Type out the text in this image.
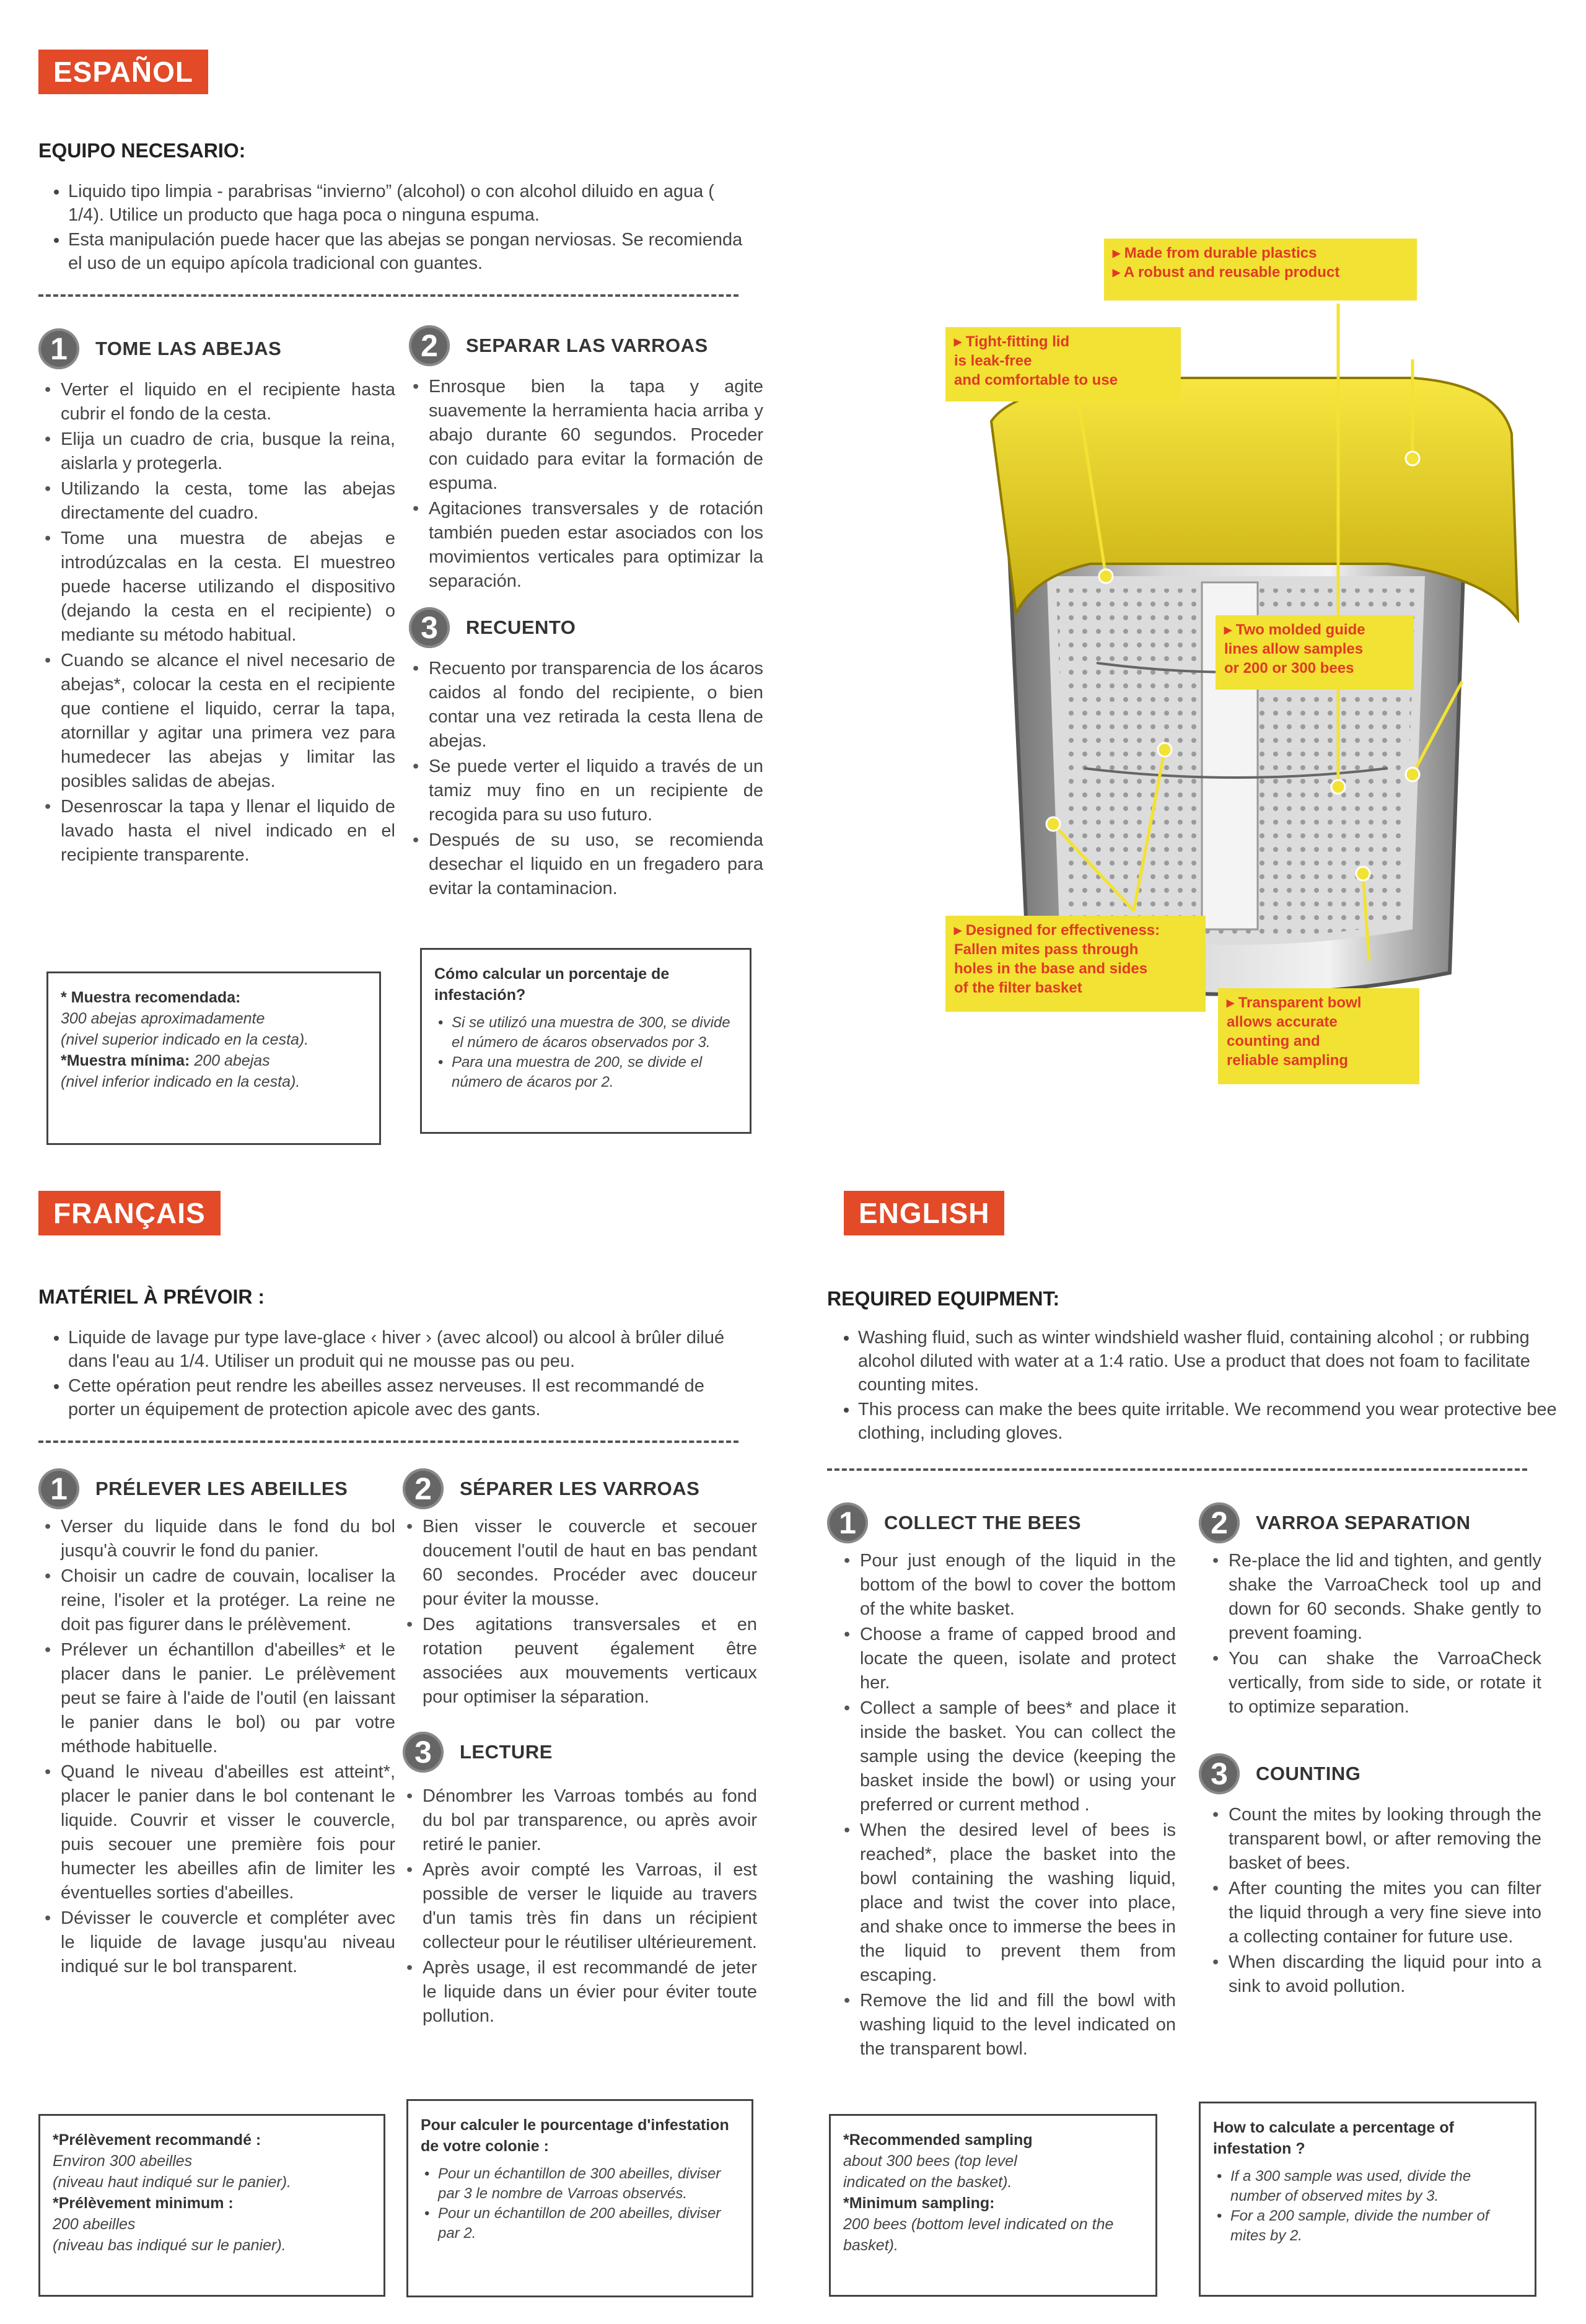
ESPAÑOL
EQUIPO NECESARIO:
• Liquido tipo limpia - parabrisas “invierno” (alcohol) o con alcohol diluido en agua ( 1/4). Utilice un producto que haga poca o ninguna espuma.
• Esta manipulación puede hacer que las abejas se pongan nerviosas. Se recomienda el uso de un equipo apícola tradicional con guantes.
1	TOME LAS ABEJAS
• Verter el liquido en el recipiente hasta cubrir el fondo de la cesta.
• Elija un cuadro de cria, busque la reina, aislarla y protegerla.
• Utilizando la cesta, tome las abejas directamente del cuadro.
• Tome una muestra de abejas e introdúzcalas en la cesta. El muestreo puede hacerse utilizando el dispositivo (dejando la cesta en el recipiente) o mediante su método habitual.
• Cuando se alcance el nivel necesario de abejas*, colocar la cesta en el recipiente que contiene el liquido, cerrar la tapa, atornillar y agitar una primera vez para humedecer las abejas y limitar las posibles salidas de abejas.
• Desenroscar la tapa y llenar el liquido de lavado hasta el nivel indicado en el recipiente transparente.
2	SEPARAR LAS VARROAS
• Enrosque bien la tapa y agite suavemente la herramienta hacia arriba y abajo durante 60 segundos. Proceder con cuidado para evitar la formación de espuma.
• Agitaciones transversales y de rotación también pueden estar asociados con los movimientos verticales para optimizar la separación.
3	RECUENTO
• Recuento por transparencia de los ácaros caidos al fondo del recipiente, o bien contar una vez retirada la cesta llena de abejas.
• Se puede verter el liquido a través de un tamiz muy fino en un recipiente de recogida para su uso futuro.
• Después de su uso, se recomienda desechar el liquido en un fregadero para evitar la contaminacion.
* Muestra recomendada:
300 abejas aproximadamente
(nivel superior indicado en la cesta).
*Muestra mínima: 200 abejas
(nivel inferior indicado en la cesta).
Cómo calcular un porcentaje de infestación?
• Si se utilizó una muestra de 300, se divide el número de ácaros observados por 3.
• Para una muestra de 200, se divide el número de ácaros por 2.
▸ Made from durable plastics
▸ A robust and reusable product
▸ Tight-fitting lid
is leak-free
and comfortable to use
▸ Two molded guide
lines allow samples
or 200 or 300 bees
▸ Designed for effectiveness:
Fallen mites pass through
holes in the base and sides
of the filter basket
▸ Transparent bowl
allows accurate
counting and
reliable sampling
FRANÇAIS
MATÉRIEL À PRÉVOIR :
• Liquide de lavage pur type lave-glace ‹ hiver › (avec alcool) ou alcool à brûler dilué dans l'eau au 1/4. Utiliser un produit qui ne mousse pas ou peu.
• Cette opération peut rendre les abeilles assez nerveuses. Il est recommandé de porter un équipement de protection apicole avec des gants.
1	PRÉLEVER LES ABEILLES
• Verser du liquide dans le fond du bol jusqu'à couvrir le fond du panier.
• Choisir un cadre de couvain, localiser la reine, l'isoler et la protéger. La reine ne doit pas figurer dans le prélèvement.
• Prélever un échantillon d'abeilles* et le placer dans le panier. Le prélèvement peut se faire à l'aide de l'outil (en laissant le panier dans le bol) ou par votre méthode habituelle.
• Quand le niveau d'abeilles est atteint*, placer le panier dans le bol contenant le liquide. Couvrir et visser le couvercle, puis secouer une première fois pour humecter les abeilles afin de limiter les éventuelles sorties d'abeilles.
• Dévisser le couvercle et compléter avec le liquide de lavage jusqu'au niveau indiqué sur le bol transparent.
2	SÉPARER LES VARROAS
• Bien visser le couvercle et secouer doucement l'outil de haut en bas pendant 60 secondes. Procéder avec douceur pour éviter la mousse.
• Des agitations transversales et en rotation peuvent également être associées aux mouvements verticaux pour optimiser la séparation.
3	LECTURE
• Dénombrer les Varroas tombés au fond du bol par transparence, ou après avoir retiré le panier.
• Après avoir compté les Varroas, il est possible de verser le liquide au travers d'un tamis très fin dans un récipient collecteur pour le réutiliser ultérieurement.
• Après usage, il est recommandé de jeter le liquide dans un évier pour éviter toute pollution.
*Prélèvement recommandé :
Environ 300 abeilles
(niveau haut indiqué sur le panier).
*Prélèvement minimum :
200 abeilles
(niveau bas indiqué sur le panier).
Pour calculer le pourcentage d'infestation de votre colonie :
• Pour un échantillon de 300 abeilles, diviser par 3 le nombre de Varroas observés.
• Pour un échantillon de 200 abeilles, diviser par 2.
ENGLISH
REQUIRED EQUIPMENT:
• Washing fluid, such as winter windshield washer fluid, containing alcohol ; or rubbing alcohol diluted with water at a 1:4 ratio. Use a product that does not foam to facilitate counting mites.
• This process can make the bees quite irritable. We recommend you wear protective bee clothing, including gloves.
1	COLLECT THE BEES
• Pour just enough of the liquid in the bottom of the bowl to cover the bottom of the white basket.
• Choose a frame of capped brood and locate the queen, isolate and protect her.
• Collect a sample of bees* and place it inside the basket. You can collect the sample using the device (keeping the basket inside the bowl) or using your preferred or current method .
• When the desired level of bees is reached*, place the basket into the bowl containing the washing liquid, place and twist the cover into place, and shake once to immerse the bees in the liquid to prevent them from escaping.
• Remove the lid and fill the bowl with washing liquid to the level indicated on the transparent bowl.
2	VARROA SEPARATION
• Re-place the lid and tighten, and gently shake the VarroaCheck tool up and down for 60 seconds. Shake gently to prevent foaming.
• You can shake the VarroaCheck vertically, from side to side, or rotate it to optimize separation.
3	COUNTING
• Count the mites by looking through the transparent bowl, or after removing the basket of bees.
• After counting the mites you can filter the liquid through a very fine sieve into a collecting container for future use.
• When discarding the liquid pour into a sink to avoid pollution.
*Recommended sampling
about 300 bees (top level
indicated on the basket).
*Minimum sampling:
200 bees (bottom level indicated on the basket).
How to calculate a percentage of infestation ?
• If a 300 sample was used, divide the number of observed mites by 3.
• For a 200 sample, divide the number of mites by 2.
